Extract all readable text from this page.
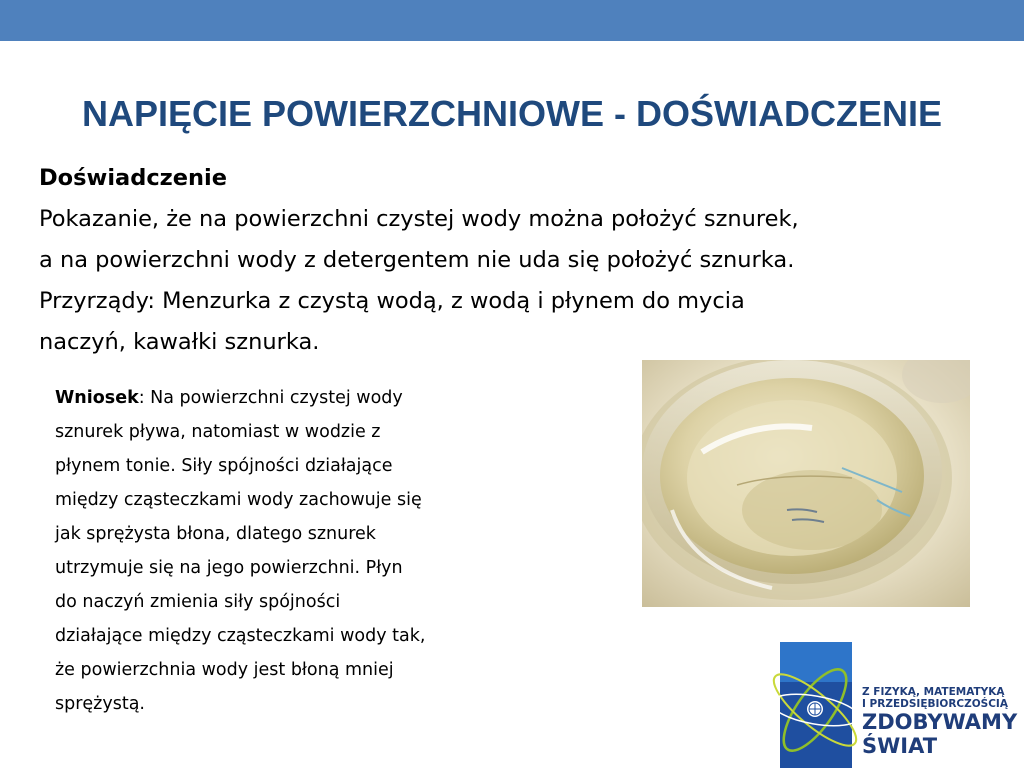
NAPIĘCIE POWIERZCHNIOWE - DOŚWIADCZENIE
Doświadczenie
Pokazanie, że na powierzchni czystej wody można położyć sznurek,
a na powierzchni wody z detergentem nie uda się położyć sznurka.
Przyrządy: Menzurka z czystą wodą, z wodą i płynem do mycia
naczyń, kawałki sznurka.
Wniosek: Na powierzchni czystej wody
sznurek pływa, natomiast w wodzie z
płynem tonie. Siły spójności działające
między cząsteczkami wody zachowuje się
jak sprężysta błona, dlatego sznurek
utrzymuje się na jego powierzchni. Płyn
do naczyń zmienia siły spójności
działające między cząsteczkami wody tak,
że powierzchnia wody jest błoną mniej
sprężystą.
Z FIZYKĄ, MATEMATYKĄ
I PRZEDSIĘBIORCZOŚCIĄ
ZDOBYWAMY
ŚWIAT
